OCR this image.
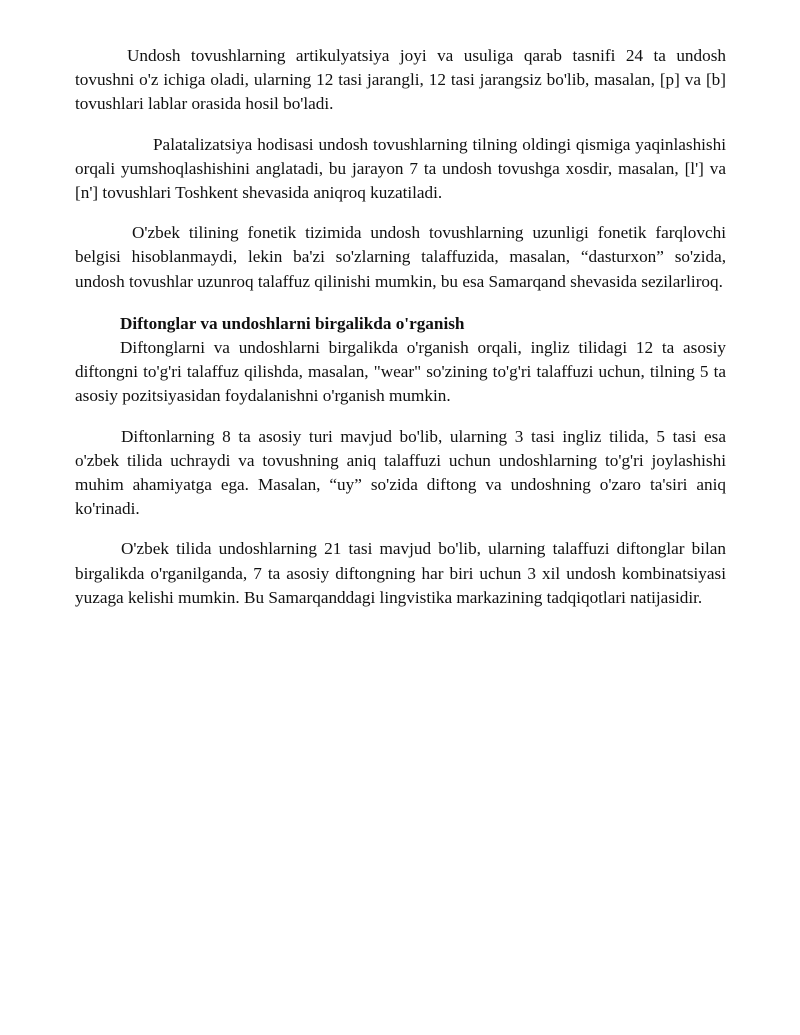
Undosh tovushlarning artikulyatsiya joyi va usuliga qarab tasnifi 24 ta undosh tovushni o'z ichiga oladi, ularning 12 tasi jarangli, 12 tasi jarangsiz bo'lib, masalan, [p] va [b] tovushlari lablar orasida hosil bo'ladi.

Palatalizatsiya hodisasi undosh tovushlarning tilning oldingi qismiga yaqinlashishi orqali yumshoqlashishini anglatadi, bu jarayon 7 ta undosh tovushga xosdir, masalan, [l'] va [n'] tovushlari Toshkent shevasida aniqroq kuzatiladi.

O'zbek tilining fonetik tizimida undosh tovushlarning uzunligi fonetik farqlovchi belgisi hisoblanmaydi, lekin ba'zi so'zlarning talaffuzida, masalan, “dasturxon” so'zida, undosh tovushlar uzunroq talaffuz qilinishi mumkin, bu esa Samarqand shevasida sezilarliroq.

Diftonglar va undoshlarni birgalikda o'rganish

Diftonglarni va undoshlarni birgalikda o'rganish orqali, ingliz tilidagi 12 ta asosiy diftongni to'g'ri talaffuz qilishda, masalan, "wear" so'zining to'g'ri talaffuzi uchun, tilning 5 ta asosiy pozitsiyasidan foydalanishni o'rganish mumkin.

Diftonlarning 8 ta asosiy turi mavjud bo'lib, ularning 3 tasi ingliz tilida, 5 tasi esa o'zbek tilida uchraydi va tovushning aniq talaffuzi uchun undoshlarning to'g'ri joylashishi muhim ahamiyatga ega. Masalan, “uy” so'zida diftong va undoshning o'zaro ta'siri aniq ko'rinadi.

O'zbek tilida undoshlarning 21 tasi mavjud bo'lib, ularning talaffuzi diftonglar bilan birgalikda o'rganilganda, 7 ta asosiy diftongning har biri uchun 3 xil undosh kombinatsiyasi yuzaga kelishi mumkin. Bu Samarqanddagi lingvistika markazining tadqiqotlari natijasidir.
